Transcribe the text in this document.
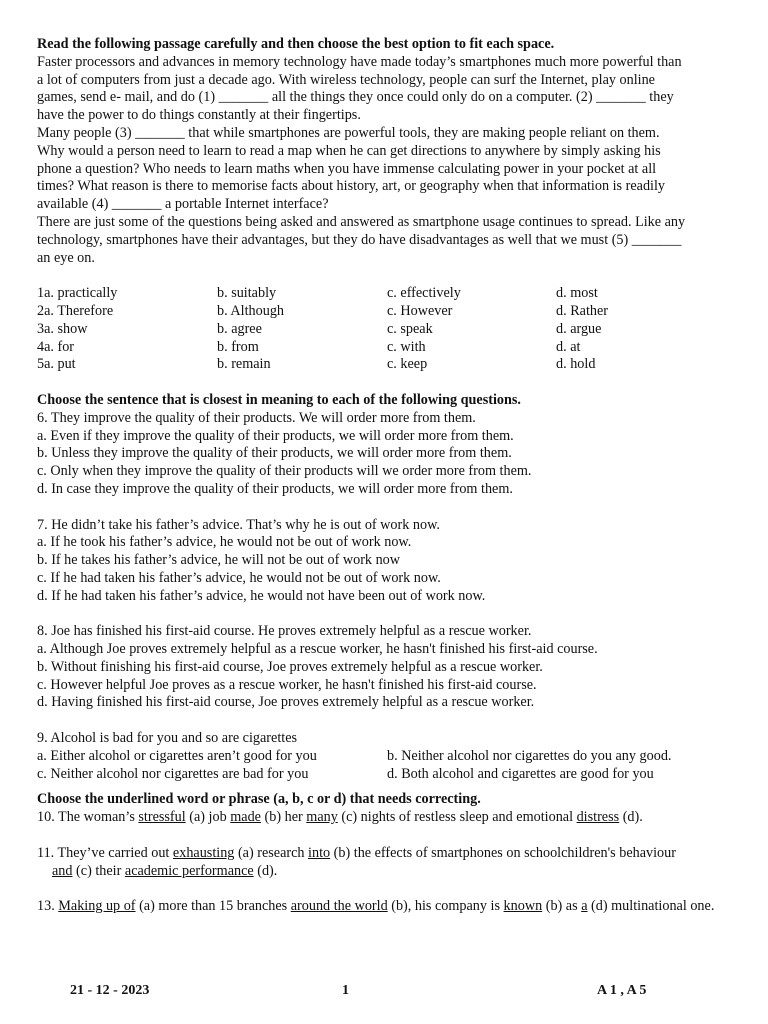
Read the following passage carefully and then choose the best option to fit each space.
Faster processors and advances in memory technology have made today’s smartphones much more powerful than
a lot of computers from just a decade ago. With wireless technology, people can surf the Internet, play online
games, send e- mail, and do (1) _______ all the things they once could only do on a computer. (2) _______ they
have the power to do things constantly at their fingertips.
Many people (3) _______ that while smartphones are powerful tools, they are making people reliant on them.
Why would a person need to learn to read a map when he can get directions to anywhere by simply asking his
phone a question? Who needs to learn maths when you have immense calculating power in your pocket at all
times? What reason is there to memorise facts about history, art, or geography when that information is readily
available (4) _______ a portable Internet interface?
There are just some of the questions being asked and answered as smartphone usage continues to spread. Like any
technology, smartphones have their advantages, but they do have disadvantages as well that we must (5) _______
an eye on.
1a. practically	b. suitably	c. effectively	d. most
2a. Therefore	b. Although	c. However	d. Rather
3a. show	b. agree	c. speak	d. argue
4a. for	b. from	c. with	d. at
5a. put	b. remain	c. keep	d. hold
Choose the sentence that is closest in meaning to each of the following questions.
6. They improve the quality of their products. We will order more from them.
a. Even if they improve the quality of their products, we will order more from them.
b. Unless they improve the quality of their products, we will order more from them.
c. Only when they improve the quality of their products will we order more from them.
d. In case they improve the quality of their products, we will order more from them.
7. He didn’t take his father’s advice. That’s why he is out of work now.
a. If he took his father’s advice, he would not be out of work now.
b. If he takes his father’s advice, he will not be out of work now
c. If he had taken his father’s advice, he would not be out of work now.
d. If he had taken his father’s advice, he would not have been out of work now.
8. Joe has finished his first-aid course. He proves extremely helpful as a rescue worker.
a. Although Joe proves extremely helpful as a rescue worker, he hasn't finished his first-aid course.
b. Without finishing his first-aid course, Joe proves extremely helpful as a rescue worker.
c. However helpful Joe proves as a rescue worker, he hasn't finished his first-aid course.
d. Having finished his first-aid course, Joe proves extremely helpful as a rescue worker.
9. Alcohol is bad for you and so are cigarettes
a. Either alcohol or cigarettes aren’t good for you	b. Neither alcohol nor cigarettes do you any good.
c. Neither alcohol nor cigarettes are bad for you	d. Both alcohol and cigarettes are good for you
Choose the underlined word or phrase (a, b, c or d) that needs correcting.
10. The woman’s stressful (a) job made (b) her many (c) nights of restless sleep and emotional distress (d).
11. They’ve carried out exhausting (a) research into (b) the effects of smartphones on schoolchildren's behaviour
and (c) their academic performance (d).
13. Making up of (a) more than 15 branches around the world (b), his company is known (b) as a (d) multinational one.
21 - 12 - 2023	1	A 1 , A 5
